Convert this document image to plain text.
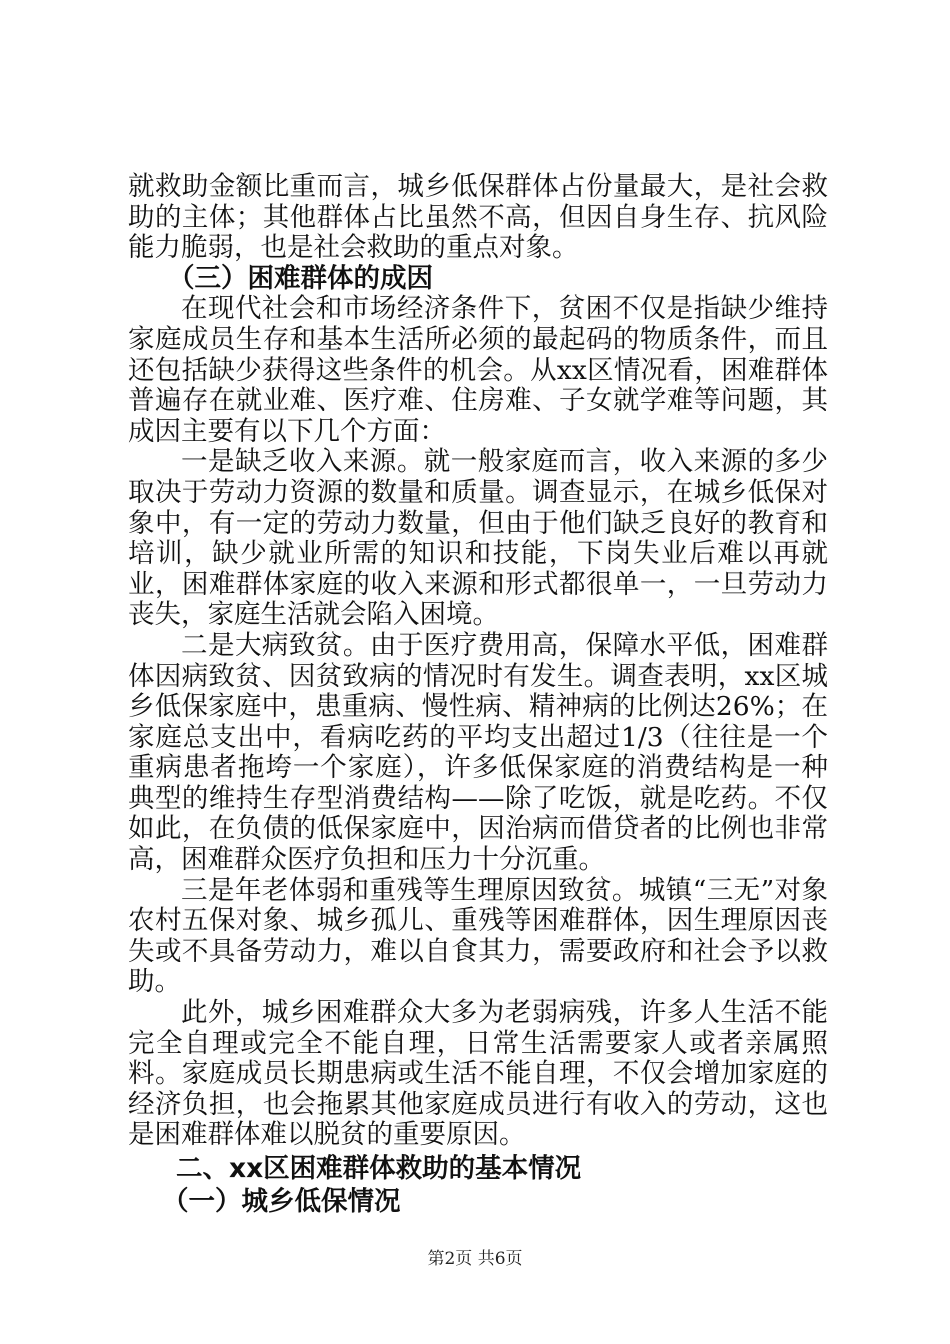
就救助金额比重而言，城乡低保群体占份量最大，是社会救助的主体；其他群体占比虽然不高，但因自身生存、抗风险能力脆弱，也是社会救助的重点对象。

（三）困难群体的成因

在现代社会和市场经济条件下，贫困不仅是指缺少维持家庭成员生存和基本生活所必须的最起码的物质条件，而且还包括缺少获得这些条件的机会。从xx区情况看，困难群体普遍存在就业难、医疗难、住房难、子女就学难等问题，其成因主要有以下几个方面：

一是缺乏收入来源。就一般家庭而言，收入来源的多少取决于劳动力资源的数量和质量。调查显示，在城乡低保对象中，有一定的劳动力数量，但由于他们缺乏良好的教育和培训，缺少就业所需的知识和技能，下岗失业后难以再就业，困难群体家庭的收入来源和形式都很单一，一旦劳动力丧失，家庭生活就会陷入困境。

二是大病致贫。由于医疗费用高，保障水平低，困难群体因病致贫、因贫致病的情况时有发生。调查表明，xx区城乡低保家庭中，患重病、慢性病、精神病的比例达26%；在家庭总支出中，看病吃药的平均支出超过1/3（往往是一个重病患者拖垮一个家庭），许多低保家庭的消费结构是一种典型的维持生存型消费结构——除了吃饭，就是吃药。不仅如此，在负债的低保家庭中，因治病而借贷者的比例也非常高，困难群众医疗负担和压力十分沉重。

三是年老体弱和重残等生理原因致贫。城镇“三无”对象农村五保对象、城乡孤儿、重残等困难群体，因生理原因丧失或不具备劳动力，难以自食其力，需要政府和社会予以救助。

此外，城乡困难群众大多为老弱病残，许多人生活不能完全自理或完全不能自理，日常生活需要家人或者亲属照料。家庭成员长期患病或生活不能自理，不仅会增加家庭的经济负担，也会拖累其他家庭成员进行有收入的劳动，这也是困难群体难以脱贫的重要原因。

二、xx区困难群体救助的基本情况

（一）城乡低保情况

第2页 共6页
